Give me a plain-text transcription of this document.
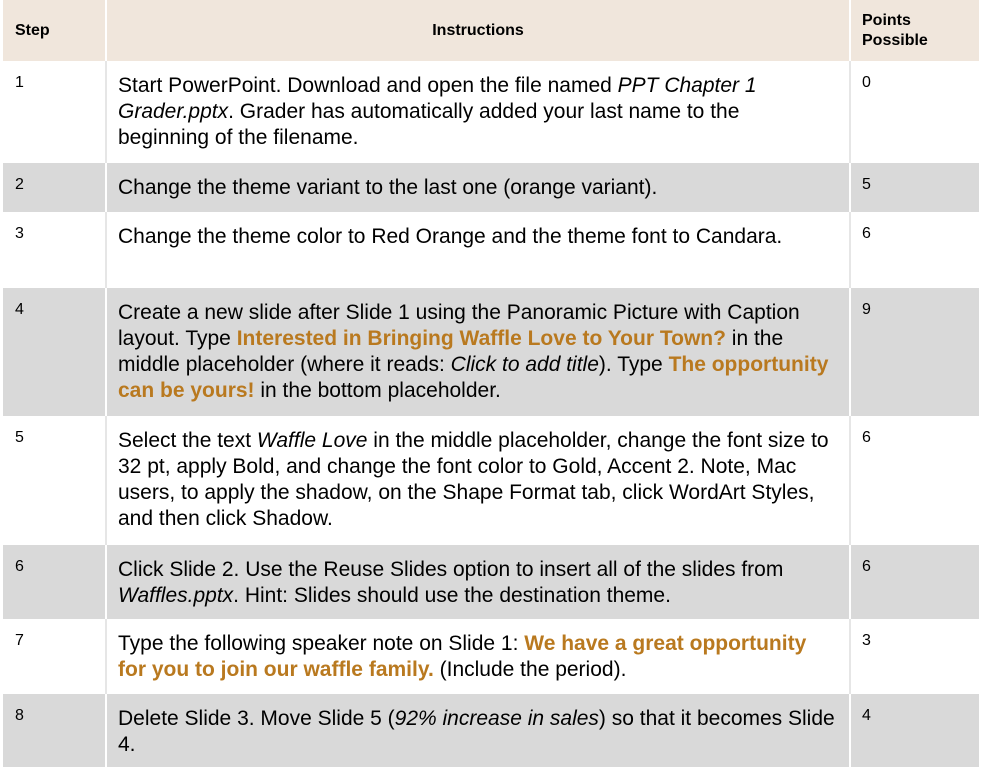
Step	Instructions	Points Possible
1	Start PowerPoint. Download and open the file named PPT Chapter 1 Grader.pptx. Grader has automatically added your last name to the beginning of the filename.	0
2	Change the theme variant to the last one (orange variant).	5
3	Change the theme color to Red Orange and the theme font to Candara.	6
4	Create a new slide after Slide 1 using the Panoramic Picture with Caption layout. Type Interested in Bringing Waffle Love to Your Town? in the middle placeholder (where it reads: Click to add title). Type The opportunity can be yours! in the bottom placeholder.	9
5	Select the text Waffle Love in the middle placeholder, change the font size to 32 pt, apply Bold, and change the font color to Gold, Accent 2. Note, Mac users, to apply the shadow, on the Shape Format tab, click WordArt Styles, and then click Shadow.	6
6	Click Slide 2. Use the Reuse Slides option to insert all of the slides from Waffles.pptx. Hint: Slides should use the destination theme.	6
7	Type the following speaker note on Slide 1: We have a great opportunity for you to join our waffle family. (Include the period).	3
8	Delete Slide 3. Move Slide 5 (92% increase in sales) so that it becomes Slide 4.	4
